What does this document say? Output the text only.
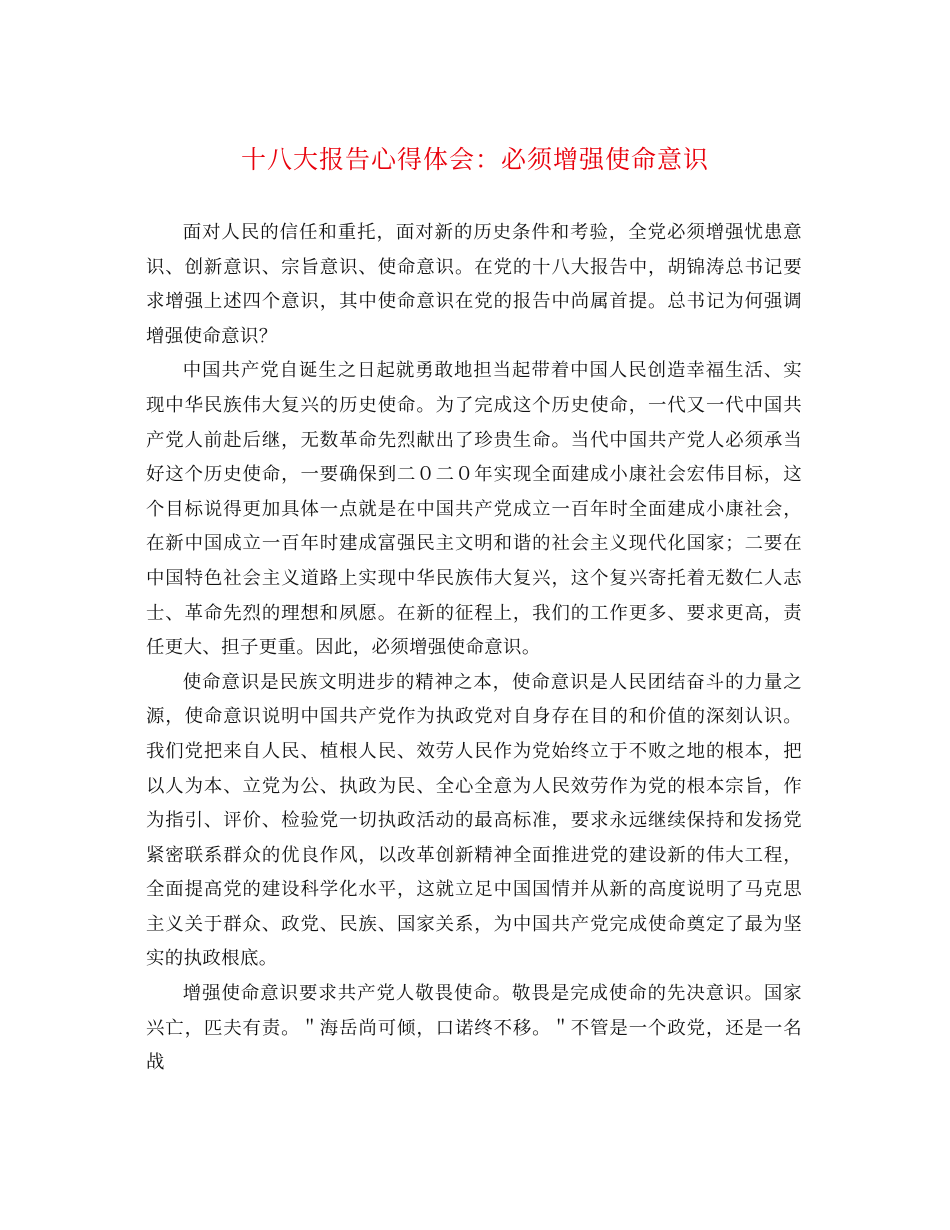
十八大报告心得体会：必须增强使命意识

面对人民的信任和重托，面对新的历史条件和考验，全党必须增强忧患意识、创新意识、宗旨意识、使命意识。在党的十八大报告中，胡锦涛总书记要求增强上述四个意识，其中使命意识在党的报告中尚属首提。总书记为何强调增强使命意识？

中国共产党自诞生之日起就勇敢地担当起带着中国人民创造幸福生活、实现中华民族伟大复兴的历史使命。为了完成这个历史使命，一代又一代中国共产党人前赴后继，无数革命先烈献出了珍贵生命。当代中国共产党人必须承当好这个历史使命，一要确保到二０二０年实现全面建成小康社会宏伟目标，这个目标说得更加具体一点就是在中国共产党成立一百年时全面建成小康社会，在新中国成立一百年时建成富强民主文明和谐的社会主义现代化国家；二要在中国特色社会主义道路上实现中华民族伟大复兴，这个复兴寄托着无数仁人志士、革命先烈的理想和夙愿。在新的征程上，我们的工作更多、要求更高，责任更大、担子更重。因此，必须增强使命意识。

使命意识是民族文明进步的精神之本，使命意识是人民团结奋斗的力量之源，使命意识说明中国共产党作为执政党对自身存在目的和价值的深刻认识。我们党把来自人民、植根人民、效劳人民作为党始终立于不败之地的根本，把以人为本、立党为公、执政为民、全心全意为人民效劳作为党的根本宗旨，作为指引、评价、检验党一切执政活动的最高标准，要求永远继续保持和发扬党紧密联系群众的优良作风，以改革创新精神全面推进党的建设新的伟大工程，全面提高党的建设科学化水平，这就立足中国国情并从新的高度说明了马克思主义关于群众、政党、民族、国家关系，为中国共产党完成使命奠定了最为坚实的执政根底。

增强使命意识要求共产党人敬畏使命。敬畏是完成使命的先决意识。国家兴亡，匹夫有责。＂海岳尚可倾，口诺终不移。＂不管是一个政党，还是一名战
